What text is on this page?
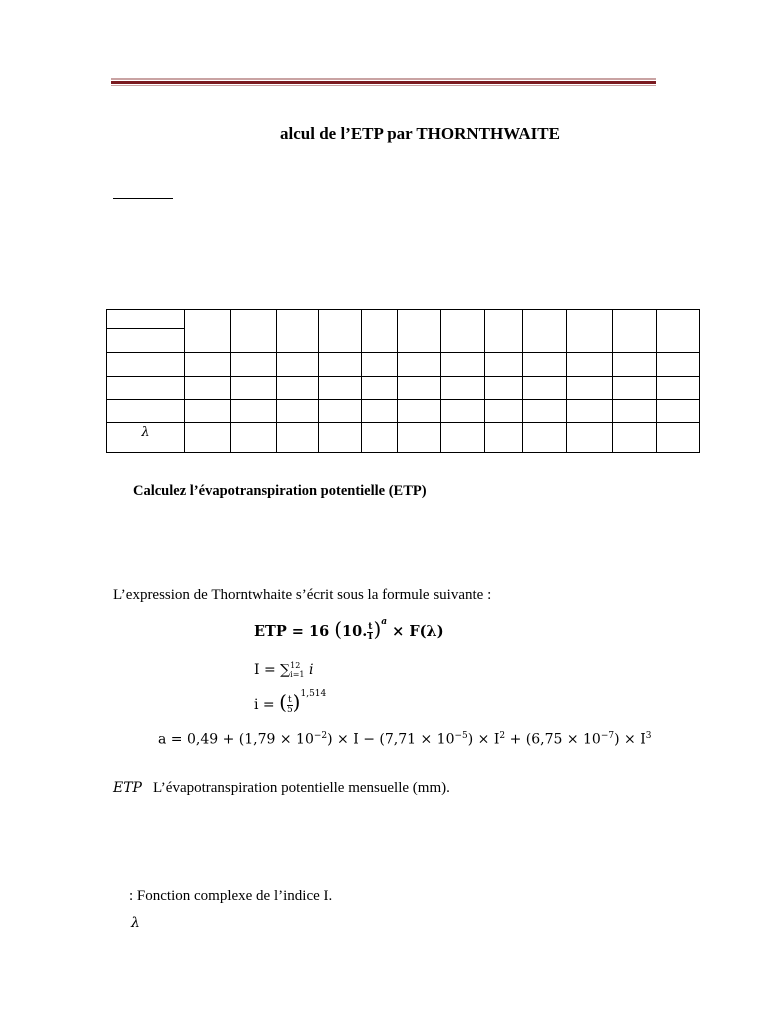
alcul de l’ETP par THORNTHWAITE

λ												
Calculez l’évapotranspiration potentielle (ETP)
L’expression de Thorntwhaite s’écrit sous la formule suivante :
ETP = 16 (10. $\frac{t}{I} )^a \times F(\lambda)$
I = ∑ 12
i=1 i
i = ( $\frac{t}{5} )^{1,514}$
$a = 0,49 + (1,79 \times 10^{-2}) \times I - (7,71 \times 10^{-5}) \times I^2 + (6,75 \times 10^{-7}) \times I^3$
ETP L’évapotranspiration potentielle mensuelle (mm).
: Fonction complexe de l’indice I.
λ
